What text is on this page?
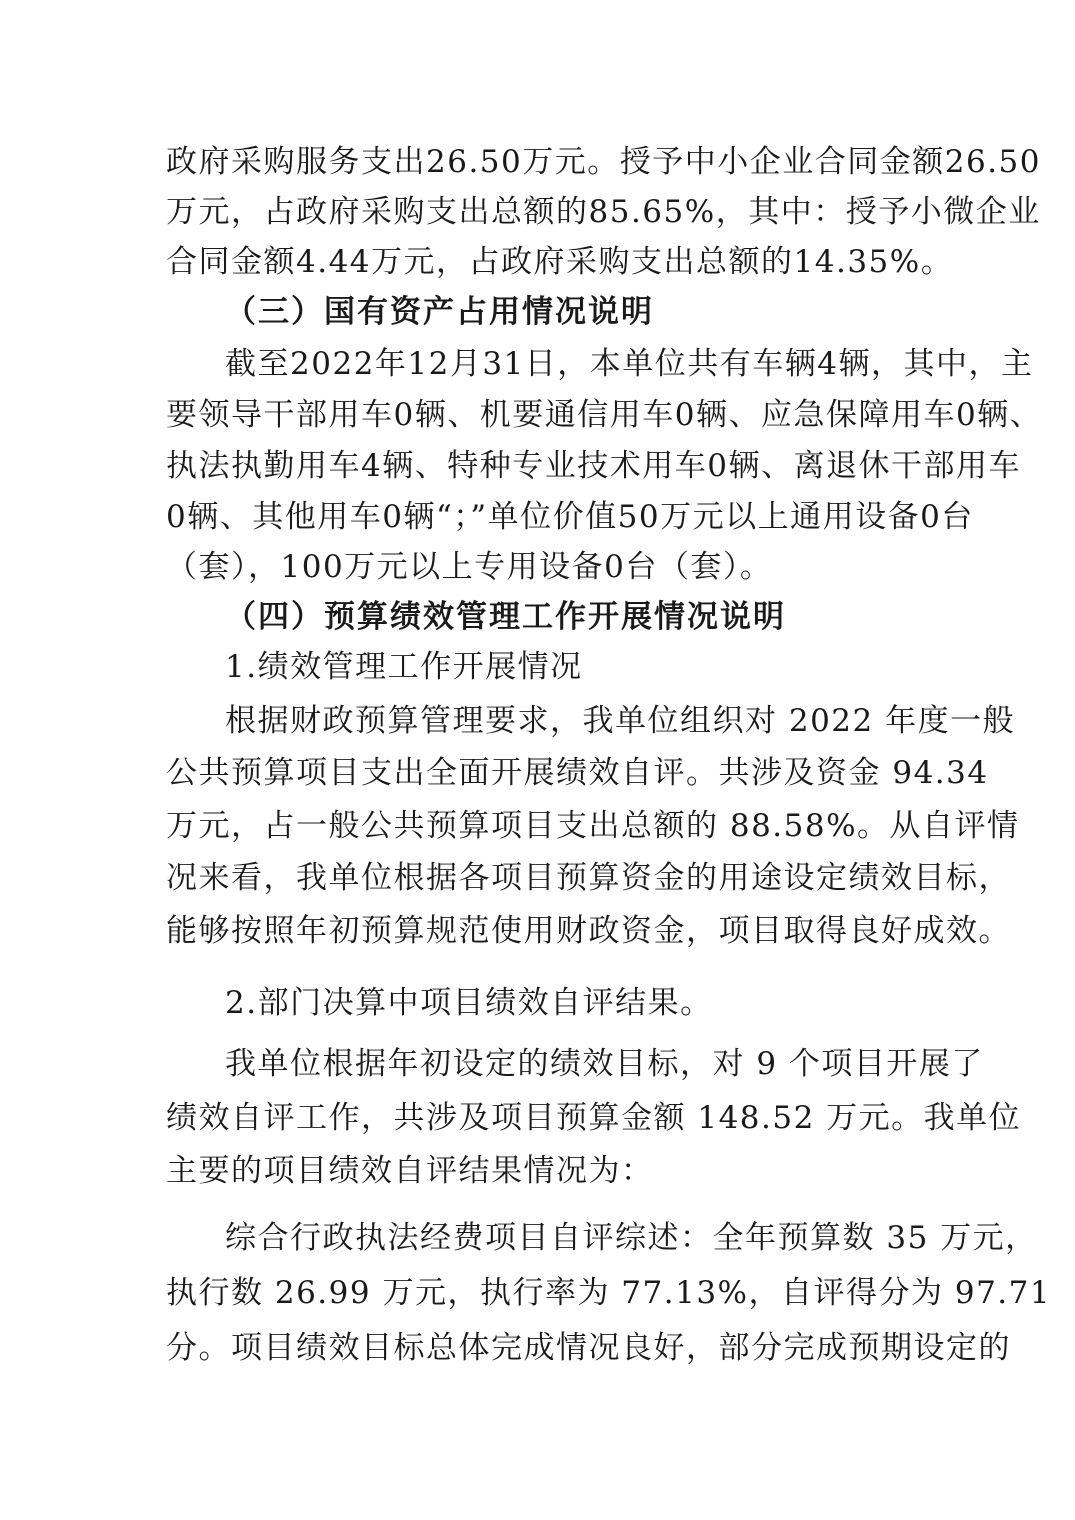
政府采购服务支出26.50万元。授予中小企业合同金额26.50
万元，占政府采购支出总额的85.65%，其中：授予小微企业
合同金额4.44万元，占政府采购支出总额的14.35%。
（三）国有资产占用情况说明
截至2022年12月31日，本单位共有车辆4辆，其中，主
要领导干部用车0辆、机要通信用车0辆、应急保障用车0辆、
执法执勤用车4辆、特种专业技术用车0辆、离退休干部用车
0辆、其他用车0辆“；”单位价值50万元以上通用设备0台
（套），100万元以上专用设备0台（套）。
（四）预算绩效管理工作开展情况说明
1.绩效管理工作开展情况
根据财政预算管理要求，我单位组织对 2022 年度一般
公共预算项目支出全面开展绩效自评。共涉及资金 94.34
万元，占一般公共预算项目支出总额的 88.58%。从自评情
况来看，我单位根据各项目预算资金的用途设定绩效目标，
能够按照年初预算规范使用财政资金，项目取得良好成效。
2.部门决算中项目绩效自评结果。
我单位根据年初设定的绩效目标，对 9 个项目开展了
绩效自评工作，共涉及项目预算金额 148.52 万元。我单位
主要的项目绩效自评结果情况为：
综合行政执法经费项目自评综述：全年预算数 35 万元，
执行数 26.99 万元，执行率为 77.13%，自评得分为 97.71
分。项目绩效目标总体完成情况良好，部分完成预期设定的
